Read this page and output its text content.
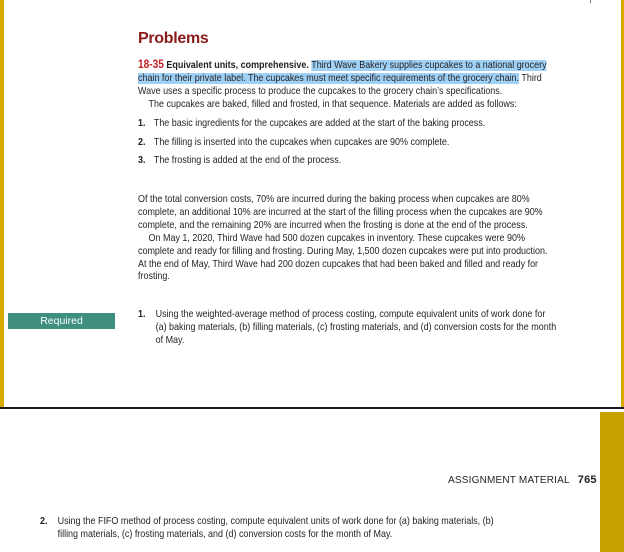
Problems
18-35 Equivalent units, comprehensive. Third Wave Bakery supplies cupcakes to a national grocery chain for their private label. The cupcakes must meet specific requirements of the grocery chain. Third Wave uses a specific process to produce the cupcakes to the grocery chain’s specifications.
The cupcakes are baked, filled and frosted, in that sequence. Materials are added as follows:
1. The basic ingredients for the cupcakes are added at the start of the baking process.
2. The filling is inserted into the cupcakes when cupcakes are 90% complete.
3. The frosting is added at the end of the process.
Of the total conversion costs, 70% are incurred during the baking process when cupcakes are 80% complete, an additional 10% are incurred at the start of the filling process when the cupcakes are 90% complete, and the remaining 20% are incurred when the frosting is done at the end of the process.
On May 1, 2020, Third Wave had 500 dozen cupcakes in inventory. These cupcakes were 90% complete and ready for filling and frosting. During May, 1,500 dozen cupcakes were put into production. At the end of May, Third Wave had 200 dozen cupcakes that had been baked and filled and ready for frosting.
Required
1. Using the weighted-average method of process costing, compute equivalent units of work done for (a) baking materials, (b) filling materials, (c) frosting materials, and (d) conversion costs for the month of May.
ASSIGNMENT MATERIAL 765
2. Using the FIFO method of process costing, compute equivalent units of work done for (a) baking materials, (b) filling materials, (c) frosting materials, and (d) conversion costs for the month of May.
